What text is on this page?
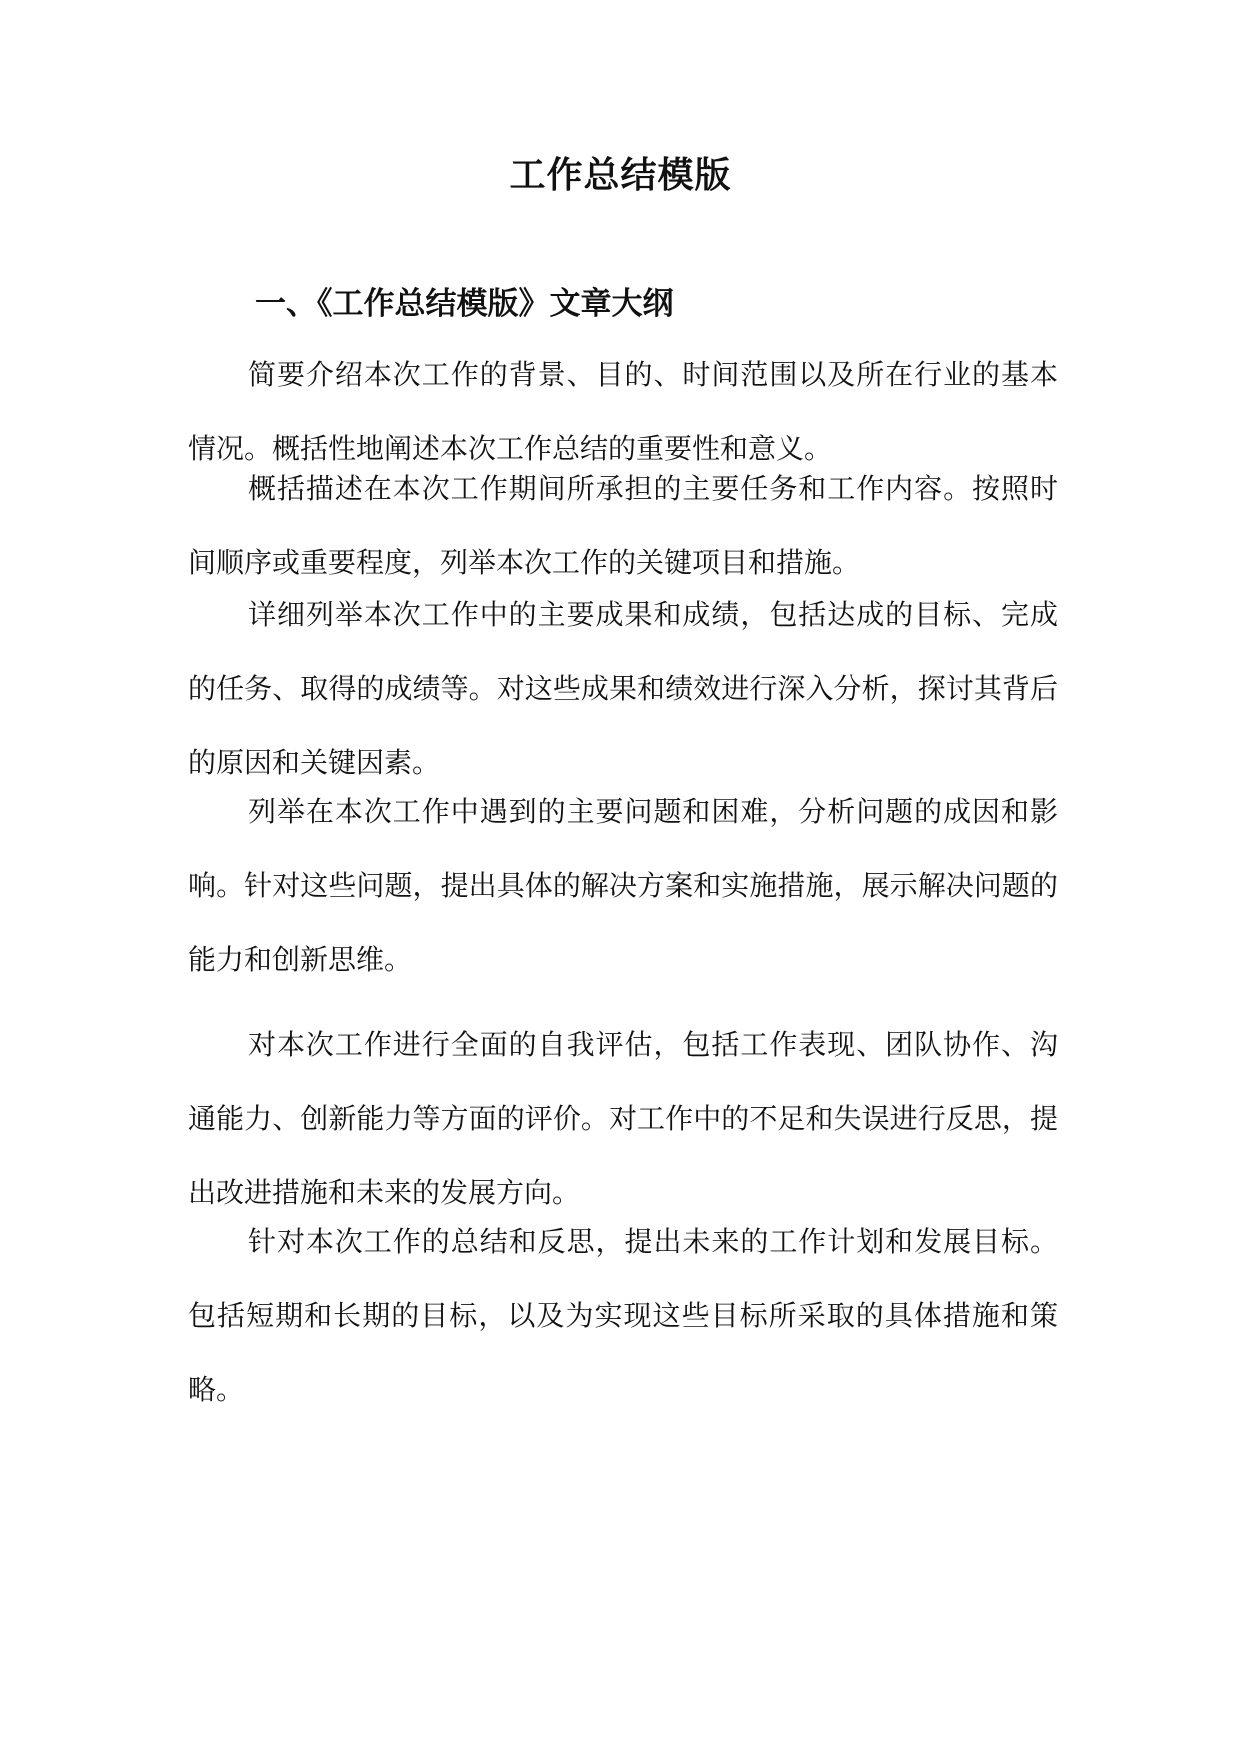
工作总结模版
一、《工作总结模版》文章大纲

简要介绍本次工作的背景、目的、时间范围以及所在行业的基本情况。概括性地阐述本次工作总结的重要性和意义。

概括描述在本次工作期间所承担的主要任务和工作内容。按照时间顺序或重要程度，列举本次工作的关键项目和措施。

详细列举本次工作中的主要成果和成绩，包括达成的目标、完成的任务、取得的成绩等。对这些成果和绩效进行深入分析，探讨其背后的原因和关键因素。

列举在本次工作中遇到的主要问题和困难，分析问题的成因和影响。针对这些问题，提出具体的解决方案和实施措施，展示解决问题的能力和创新思维。

对本次工作进行全面的自我评估，包括工作表现、团队协作、沟通能力、创新能力等方面的评价。对工作中的不足和失误进行反思，提出改进措施和未来的发展方向。

针对本次工作的总结和反思，提出未来的工作计划和发展目标。包括短期和长期的目标，以及为实现这些目标所采取的具体措施和策略。
